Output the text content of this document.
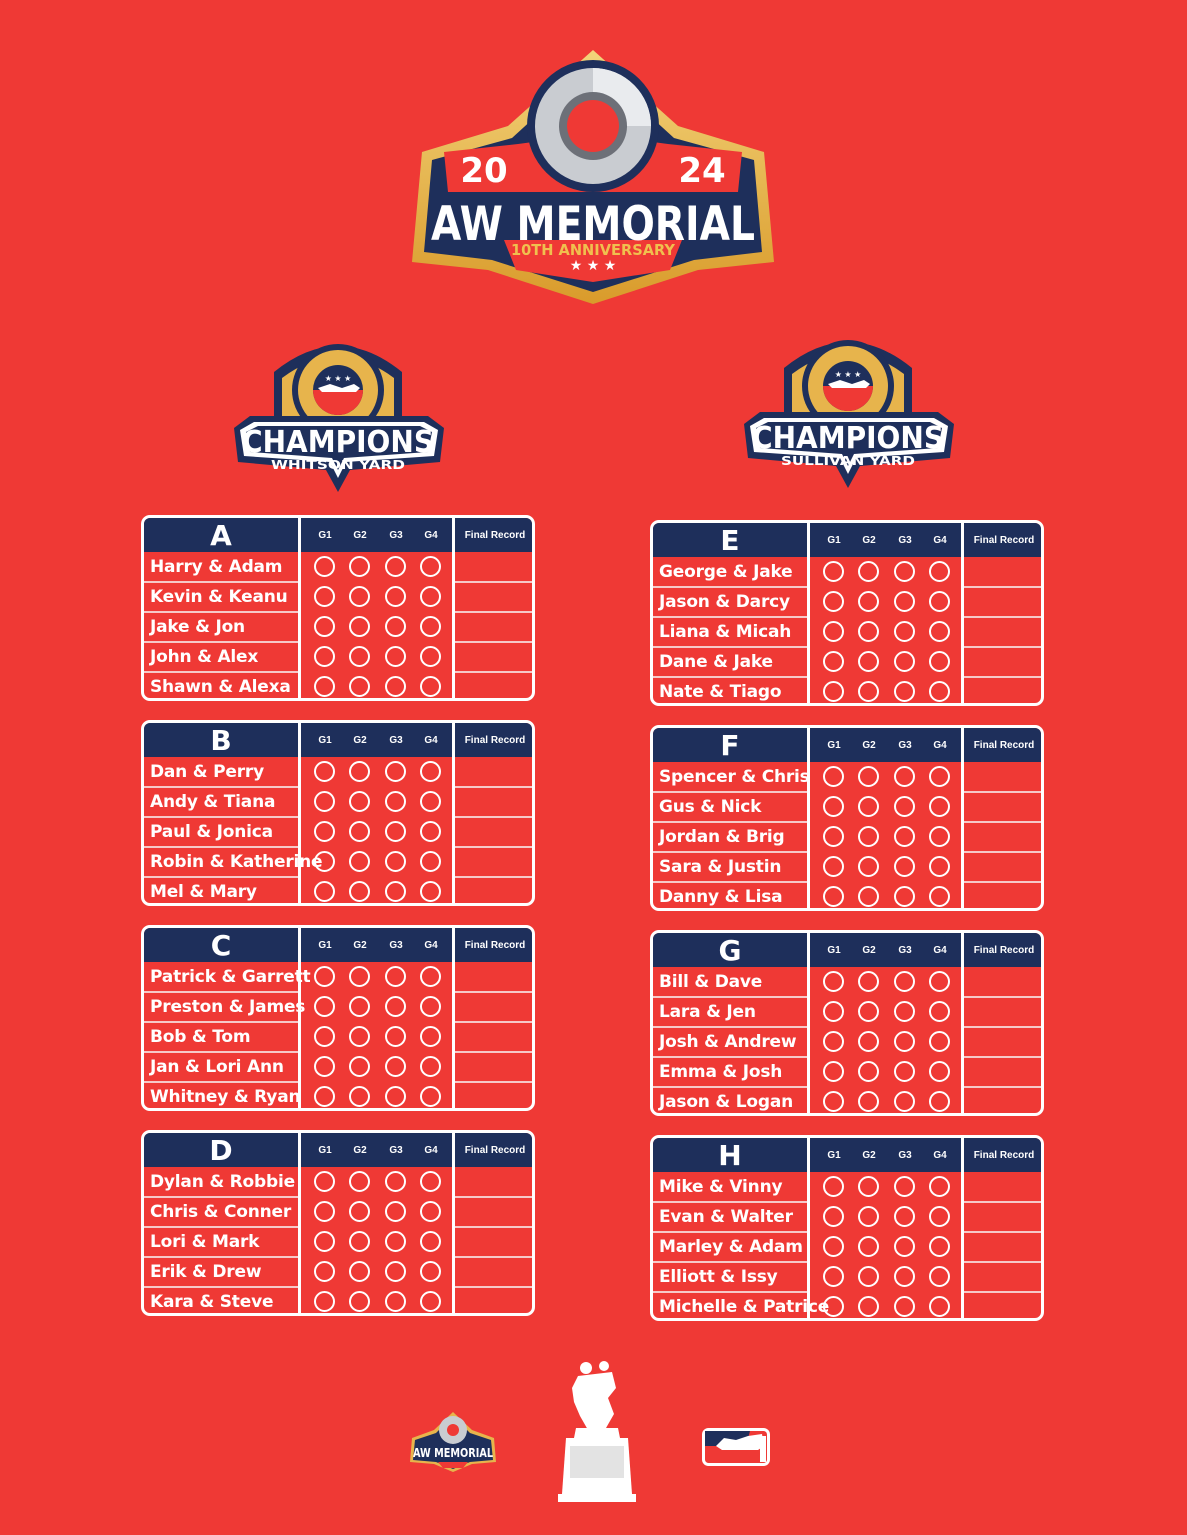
20	24
AW MEMORIAL
10TH ANNIVERSARY
★ ★ ★
★ ★ ★
CHAMPIONS
WHITSON YARD
★ ★ ★
CHAMPIONS
SULLIVAN YARD
A	G1	G2	G3	G4	Final Record
Harry & Adam
Kevin & Keanu
Jake & Jon
John & Alex
Shawn & Alexa
B	G1	G2	G3	G4	Final Record
Dan & Perry
Andy & Tiana
Paul & Jonica
Robin & Katherine
Mel & Mary
C	G1	G2	G3	G4	Final Record
Patrick & Garrett
Preston & James
Bob & Tom
Jan & Lori Ann
Whitney & Ryan
D	G1	G2	G3	G4	Final Record
Dylan & Robbie
Chris & Conner
Lori & Mark
Erik & Drew
Kara & Steve
E	G1	G2	G3	G4	Final Record
George & Jake
Jason & Darcy
Liana & Micah
Dane & Jake
Nate & Tiago
F	G1	G2	G3	G4	Final Record
Spencer & Chris
Gus & Nick
Jordan & Brig
Sara & Justin
Danny & Lisa
G	G1	G2	G3	G4	Final Record
Bill & Dave
Lara & Jen
Josh & Andrew
Emma & Josh
Jason & Logan
H	G1	G2	G3	G4	Final Record
Mike & Vinny
Evan & Walter
Marley & Adam
Elliott & Issy
Michelle & Patrice
AW MEMORIAL
